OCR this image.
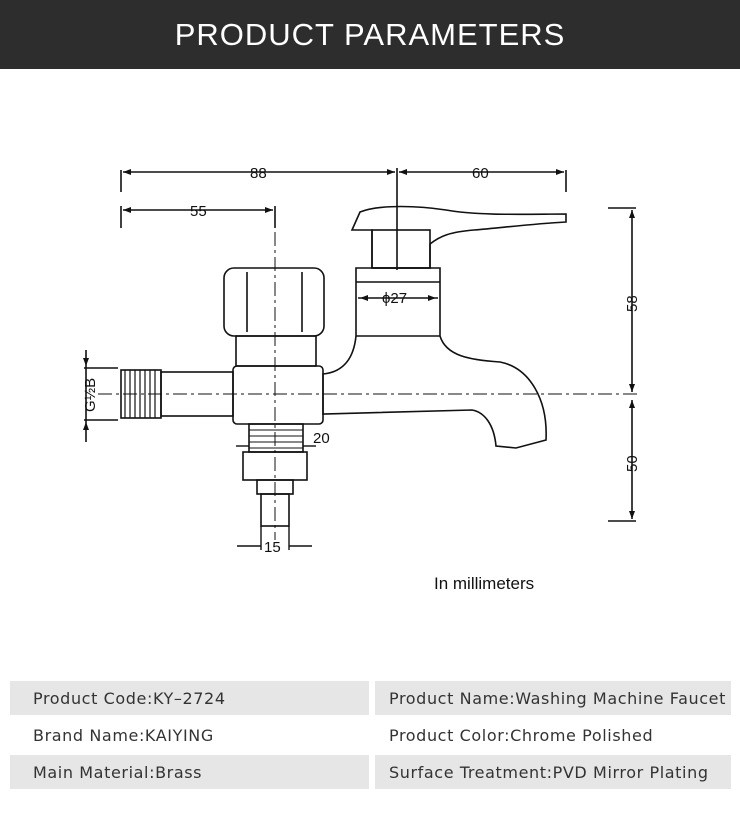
PRODUCT PARAMETERS
88	60
55
ϕ27
20
15
58
50
G½B
In millimeters
Product Code:KY–2724	Product Name:Washing Machine Faucet
Brand Name:KAIYING	Product Color:Chrome Polished
Main Material:Brass	Surface Treatment:PVD Mirror Plating
